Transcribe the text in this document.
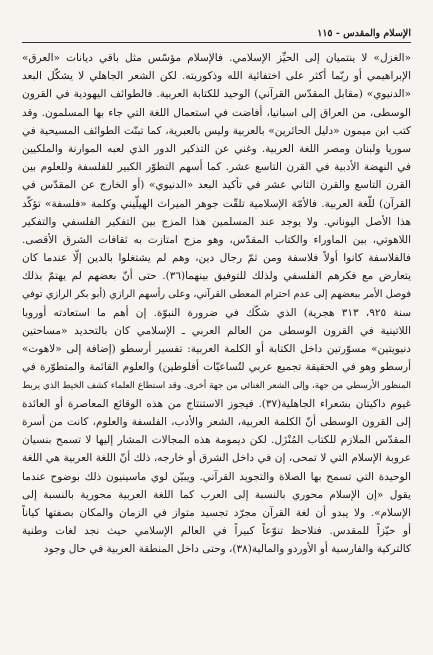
الإسلام والمقدس - ١١٥
«الغزل» لا ينتميان إلى الحيِّز الإسلامي. فالإسلام مؤسّس مثل باقي ديانات «العرق»
الإبراهيمي أو ربّما أكثر على اختفائية الله وذكوريته. لكن الشعر الجاهلي لا يشكّل البعد
«الدنيوي» (مقابل المقدّس القرآني) الوحيد للكتابة العربية. فالطوائف اليهودية في القرون
الوسطى، من العراق إلى اسبانيا، أفاضت في استعمال اللغة التي جاء بها المسلمون. وقد
كتب ابن ميمون «دليل الحائرين» بالعربية وليس بالعبرية، كما تبنّت الطوائف المسيحية في
سوريا ولبنان ومصر اللغة العربية. وغني عن التذكير الدور الذي لعبه الموارنة والملكيين
في النهضة الأدبية في القرن التاسع عشر. كما أسهم التطوّر الكبير للفلسفة وللعلوم بين
القرن التاسع والقرن الثاني عشر في تأكيد البعد «الدنيوي» (أو الخارج عن المقدّس في
القرآن) للّغة العربية. فالأمّة الإسلامية تلقّت جوهر الميراث الهيلّيني وكلمة «فلسفة» تؤكّد
هذا الأصل اليوناني. ولا يوجد عند المسلمين هذا المزج بين التفكير الفلسفي والتفكير
اللاهوتي، بين الماوراء والكتاب المقدّس، وهو مزج امتازت به ثقافات الشرق الأقصى.
فالفلاسفة كانوا أولاً فلاسفة ومن ثمّ رجال دين، وهم لم يشتغلوا بالدين إلّا عندما كان
يتعارض مع فكرهم الفلسفي ولذلك للتوفيق بينهما(٣٦). حتى أنّ بعضهم لم يهتمّ بذلك
فوصل الأمر ببعضهم إلى عدم احترام المعطى القرآني، وعلى رأسهم الرازي (أبو بكر الرازي توفي
سنة ٩٢٥، ٣١٣ هجرية) الذي شكّك في ضرورة النبوّة. إن أهم ما استعادته أوروبا
اللاتينية في القرون الوسطى من العالم العربي ـ الإسلامي كان بالتحديد «مساحتين
دنيويتين» مسوّرتين داخل الكتابة أو الكلمة العربية: تفسير أرسطو (إضافة إلى «لاهوت»
أرسطو وهو في الحقيقة تجميع عربي لتُساعيّات أفلوطين) والعلوم القائمة والمتطوّرة في
المنظور الأرسطي من جهة، وإلى الشعر الغنائي من جهة أخرى. وقد استطاع العلماء كشف الخيط الذي يربط
غيوم داكيتان بشعراء الجاهلية(٣٧). فيجوز الاستنتاج من هذه الوقائع المعاصرة أو العائدة
إلى القرون الوسطى أنّ الكلمة العربية، الشعر والأدب، الفلسفة والعلوم، كانت من أسرة
المقدّس الملازم للكتاب المُنْزَل. لكن ديمومة هذه المجالات المشار إليها لا تسمح بنسيان
عروبة الإسلام التي لا تمحى، إن في داخل الشرق أو خارجه، ذلك أنّ اللغة العربية هي اللغة
الوحيدة التي تسمح بها الصلاة والتجويد القرآني. ويبيّن لوي ماسينيون ذلك بوضوح عندما
يقول «إن الإسلام محوري بالنسبة إلى العرب كما اللغة العربية محورية بالنسبة إلى
الإسلام». ولا يبدو أن لغة القرآن مجرّد تجسيد متواز في الزمان والمكان بصفتها كياناً
أو حيّزاً للمقدس. فنلاحظ تنوّعاً كبيراً في العالم الإسلامي حيث نجد لغات وطنية
كالتركية والفارسية أو الأوردو والمالية(٣٨)، وحتى داخل المنطقة العربية في حال وجود
